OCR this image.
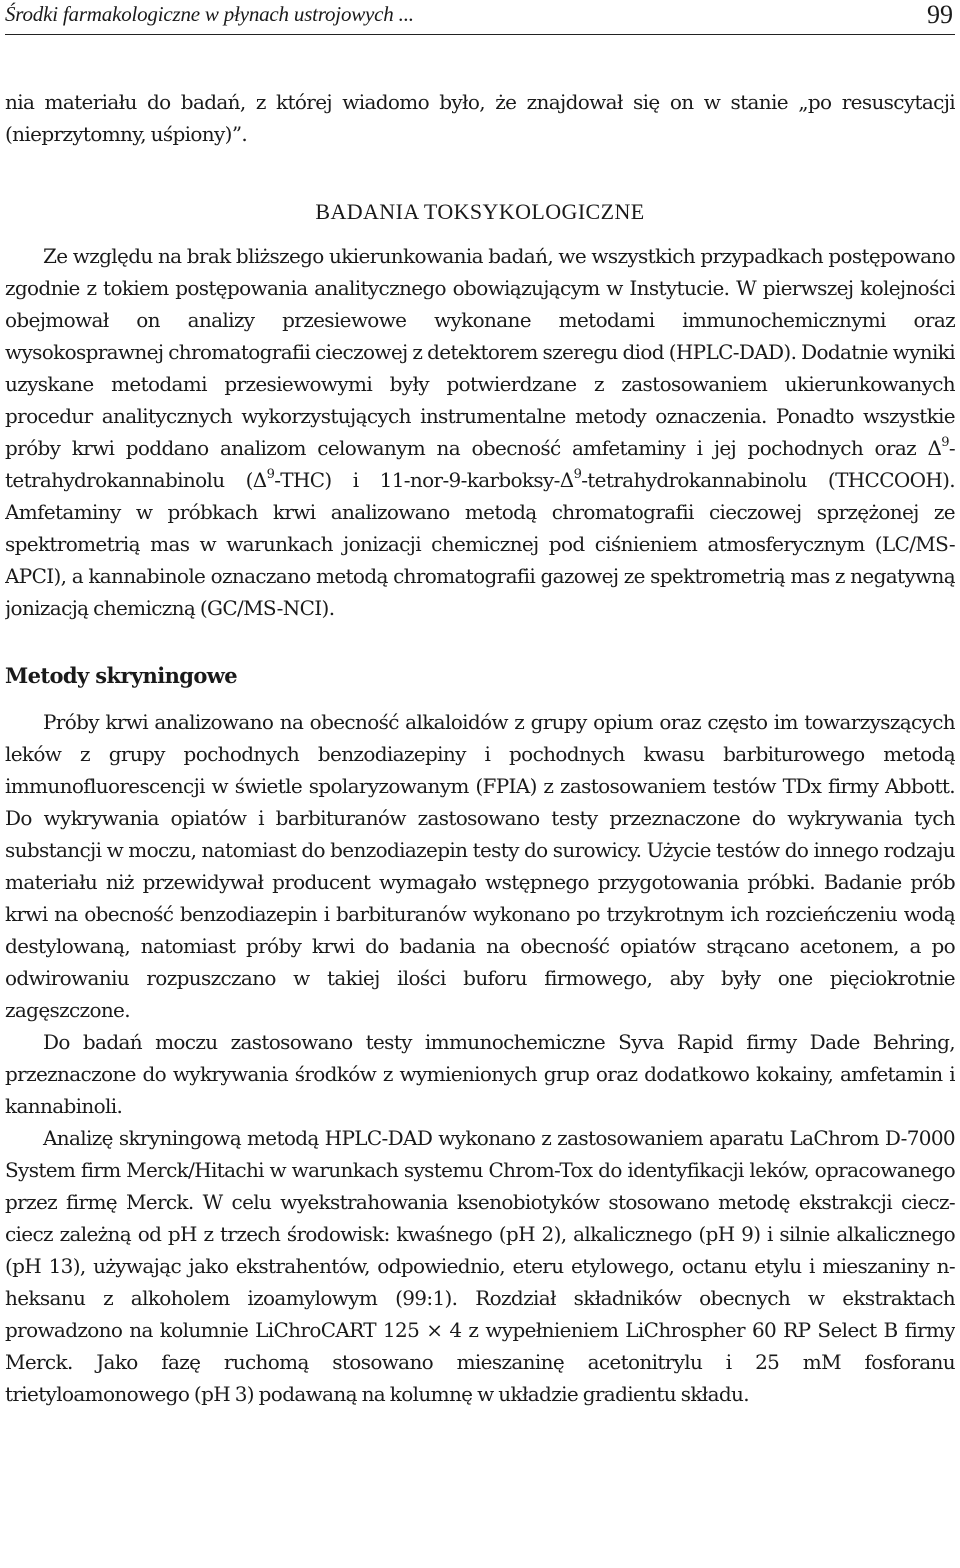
Środki farmakologiczne w płynach ustrojowych ...	99

nia materiału do badań, z której wiadomo było, że znajdował się on w stanie „po resuscytacji (nieprzytomny, uśpiony)”.

BADANIA TOKSYKOLOGICZNE

Ze względu na brak bliższego ukierunkowania badań, we wszystkich przypadkach postępowano zgodnie z tokiem postępowania analitycznego obowiązującym w Instytucie. W pierwszej kolejności obejmował on analizy przesiewowe wykonane metodami immunochemicznymi oraz wysokosprawnej chromatografii cieczowej z detektorem szeregu diod (HPLC-DAD). Dodatnie wyniki uzyskane metodami przesiewowymi były potwierdzane z zastosowaniem ukierunkowanych procedur analitycznych wykorzystujących instrumentalne metody oznaczenia. Ponadto wszystkie próby krwi poddano analizom celowanym na obecność amfetaminy i jej pochodnych oraz $\Delta^9$-tetrahydrokannabinolu $(\Delta^9-THC)$ i $11-nor-9-karboksy-\Delta^9$-tetrahydrokannabinolu (THCCOOH). Amfetaminy w próbkach krwi analizowano metodą chromatografii cieczowej sprzężonej ze spektrometrią mas w warunkach jonizacji chemicznej pod ciśnieniem atmosferycznym (LC/MS-APCI), a kannabinole oznaczano metodą chromatografii gazowej ze spektrometrią mas z negatywną jonizacją chemiczną (GC/MS-NCI).

Metody skryningowe

Próby krwi analizowano na obecność alkaloidów z grupy opium oraz często im towarzyszących leków z grupy pochodnych benzodiazepiny i pochodnych kwasu barbiturowego metodą immunofluorescencji w świetle spolaryzowanym (FPIA) z zastosowaniem testów TDx firmy Abbott. Do wykrywania opiatów i barbituranów zastosowano testy przeznaczone do wykrywania tych substancji w moczu, natomiast do benzodiazepin testy do surowicy. Użycie testów do innego rodzaju materiału niż przewidywał producent wymagało wstępnego przygotowania próbki. Badanie prób krwi na obecność benzodiazepin i barbituranów wykonano po trzykrotnym ich rozcieńczeniu wodą destylowaną, natomiast próby krwi do badania na obecność opiatów strącano acetonem, a po odwirowaniu rozpuszczano w takiej ilości buforu firmowego, aby były one pięciokrotnie zagęszczone.

Do badań moczu zastosowano testy immunochemiczne Syva Rapid firmy Dade Behring, przeznaczone do wykrywania środków z wymienionych grup oraz dodatkowo kokainy, amfetamin i kannabinoli.

Analizę skryningową metodą HPLC-DAD wykonano z zastosowaniem aparatu LaChrom D-7000 System firm Merck/Hitachi w warunkach systemu Chrom-Tox do identyfikacji leków, opracowanego przez firmę Merck. W celu wyekstrahowania ksenobiotyków stosowano metodę ekstrakcji ciecz-ciecz zależną od pH z trzech środowisk: kwaśnego (pH 2), alkalicznego (pH 9) i silnie alkalicznego (pH 13), używając jako ekstrahentów, odpowiednio, eteru etylowego, octanu etylu i mieszaniny n-heksanu z alkoholem izoamylowym (99:1). Rozdział składników obecnych w ekstraktach prowadzono na kolumnie LiChroCART 125 × 4 z wypełnieniem LiChrospher 60 RP Select B firmy Merck. Jako fazę ruchomą stosowano mieszaninę acetonitrylu i 25 mM fosforanu trietyloamonowego (pH 3) podawaną na kolumnę w układzie gradientu składu.
